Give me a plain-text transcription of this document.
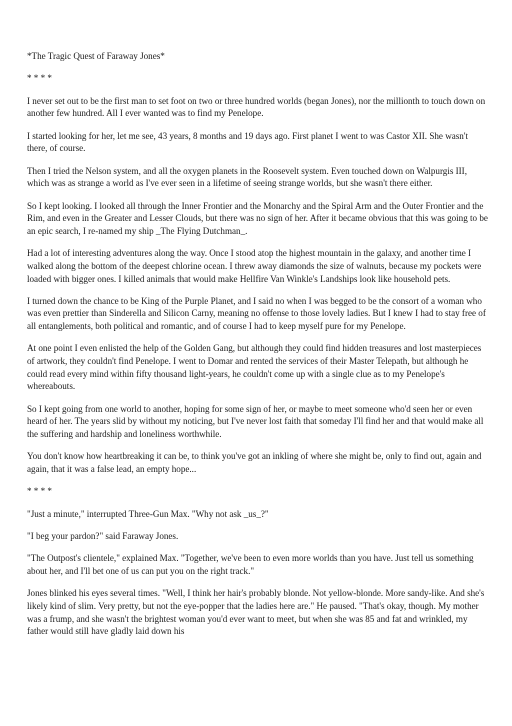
*The Tragic Quest of Faraway Jones*

* * * *

I never set out to be the first man to set foot on two or three hundred worlds (began Jones), nor the millionth to touch down on another few hundred. All I ever wanted was to find my Penelope.

I started looking for her, let me see, 43 years, 8 months and 19 days ago. First planet I went to was Castor XII. She wasn't there, of course.

Then I tried the Nelson system, and all the oxygen planets in the Roosevelt system. Even touched down on Walpurgis III, which was as strange a world as I've ever seen in a lifetime of seeing strange worlds, but she wasn't there either.

So I kept looking. I looked all through the Inner Frontier and the Monarchy and the Spiral Arm and the Outer Frontier and the Rim, and even in the Greater and Lesser Clouds, but there was no sign of her. After it became obvious that this was going to be an epic search, I re-named my ship _The Flying Dutchman_.

Had a lot of interesting adventures along the way. Once I stood atop the highest mountain in the galaxy, and another time I walked along the bottom of the deepest chlorine ocean. I threw away diamonds the size of walnuts, because my pockets were loaded with bigger ones. I killed animals that would make Hellfire Van Winkle's Landships look like household pets.

I turned down the chance to be King of the Purple Planet, and I said no when I was begged to be the consort of a woman who was even prettier than Sinderella and Silicon Carny, meaning no offense to those lovely ladies. But I knew I had to stay free of all entanglements, both political and romantic, and of course I had to keep myself pure for my Penelope.

At one point I even enlisted the help of the Golden Gang, but although they could find hidden treasures and lost masterpieces of artwork, they couldn't find Penelope. I went to Domar and rented the services of their Master Telepath, but although he could read every mind within fifty thousand light-years, he couldn't come up with a single clue as to my Penelope's whereabouts.

So I kept going from one world to another, hoping for some sign of her, or maybe to meet someone who'd seen her or even heard of her. The years slid by without my noticing, but I've never lost faith that someday I'll find her and that would make all the suffering and hardship and loneliness worthwhile.

You don't know how heartbreaking it can be, to think you've got an inkling of where she might be, only to find out, again and again, that it was a false lead, an empty hope...

* * * *

"Just a minute," interrupted Three-Gun Max. "Why not ask _us_?"

"I beg your pardon?" said Faraway Jones.

"The Outpost's clientele," explained Max. "Together, we've been to even more worlds than you have. Just tell us something about her, and I'll bet one of us can put you on the right track."

Jones blinked his eyes several times. "Well, I think her hair's probably blonde. Not yellow-blonde. More sandy-like. And she's likely kind of slim. Very pretty, but not the eye-popper that the ladies here are." He paused. "That's okay, though. My mother was a frump, and she wasn't the brightest woman you'd ever want to meet, but when she was 85 and fat and wrinkled, my father would still have gladly laid down his
